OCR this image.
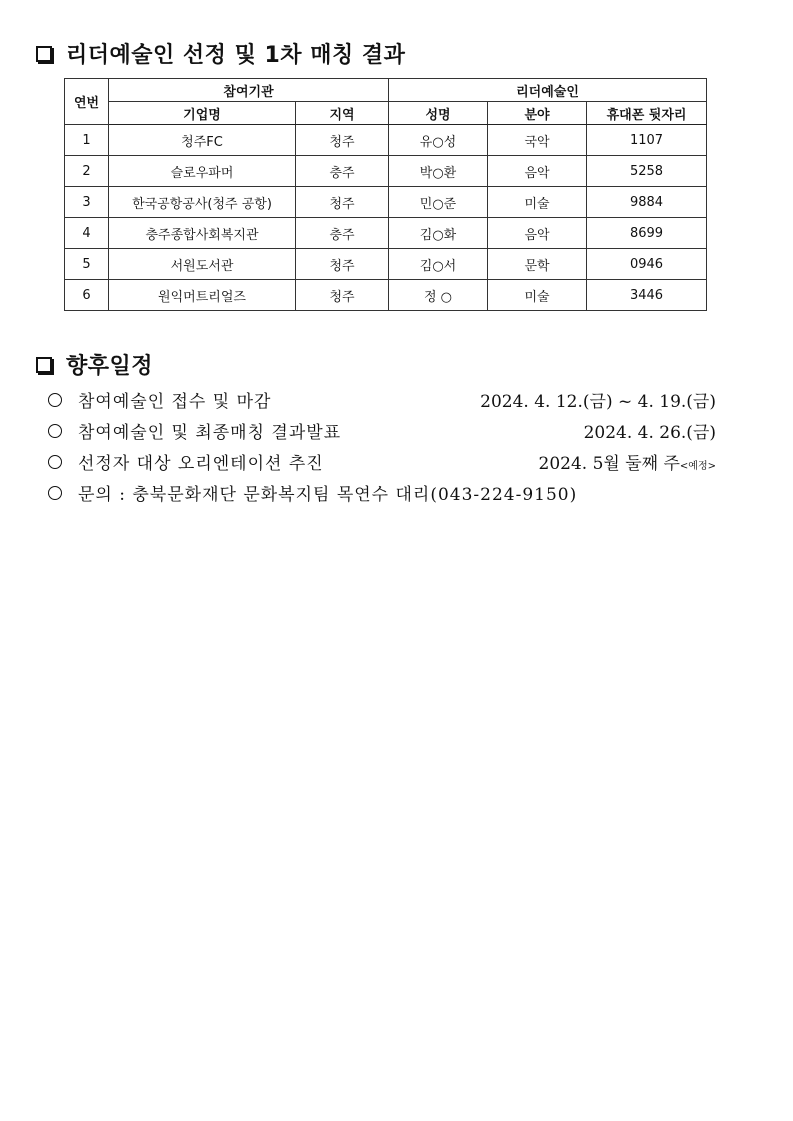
리더예술인 선정 및 1차 매칭 결과
연번	참여기관		리더예술인		
	기업명	지역	성명	분야	휴대폰 뒷자리
1	청주FC	청주	유○성	국악	1107
2	슬로우파머	충주	박○환	음악	5258
3	한국공항공사(청주 공항)	청주	민○준	미술	9884
4	충주종합사회복지관	충주	김○화	음악	8699
5	서원도서관	청주	김○서	문학	0946
6	원익머트리얼즈	청주	정 ○	미술	3446
향후일정
참여예술인 접수 및 마감	2024. 4. 12.(금) ~ 4. 19.(금)
참여예술인 및 최종매칭 결과발표	2024. 4. 26.(금)
선정자 대상 오리엔테이션 추진	2024. 5월 둘째 주<예정>
문의 : 충북문화재단 문화복지팀 목연수 대리(043-224-9150)
